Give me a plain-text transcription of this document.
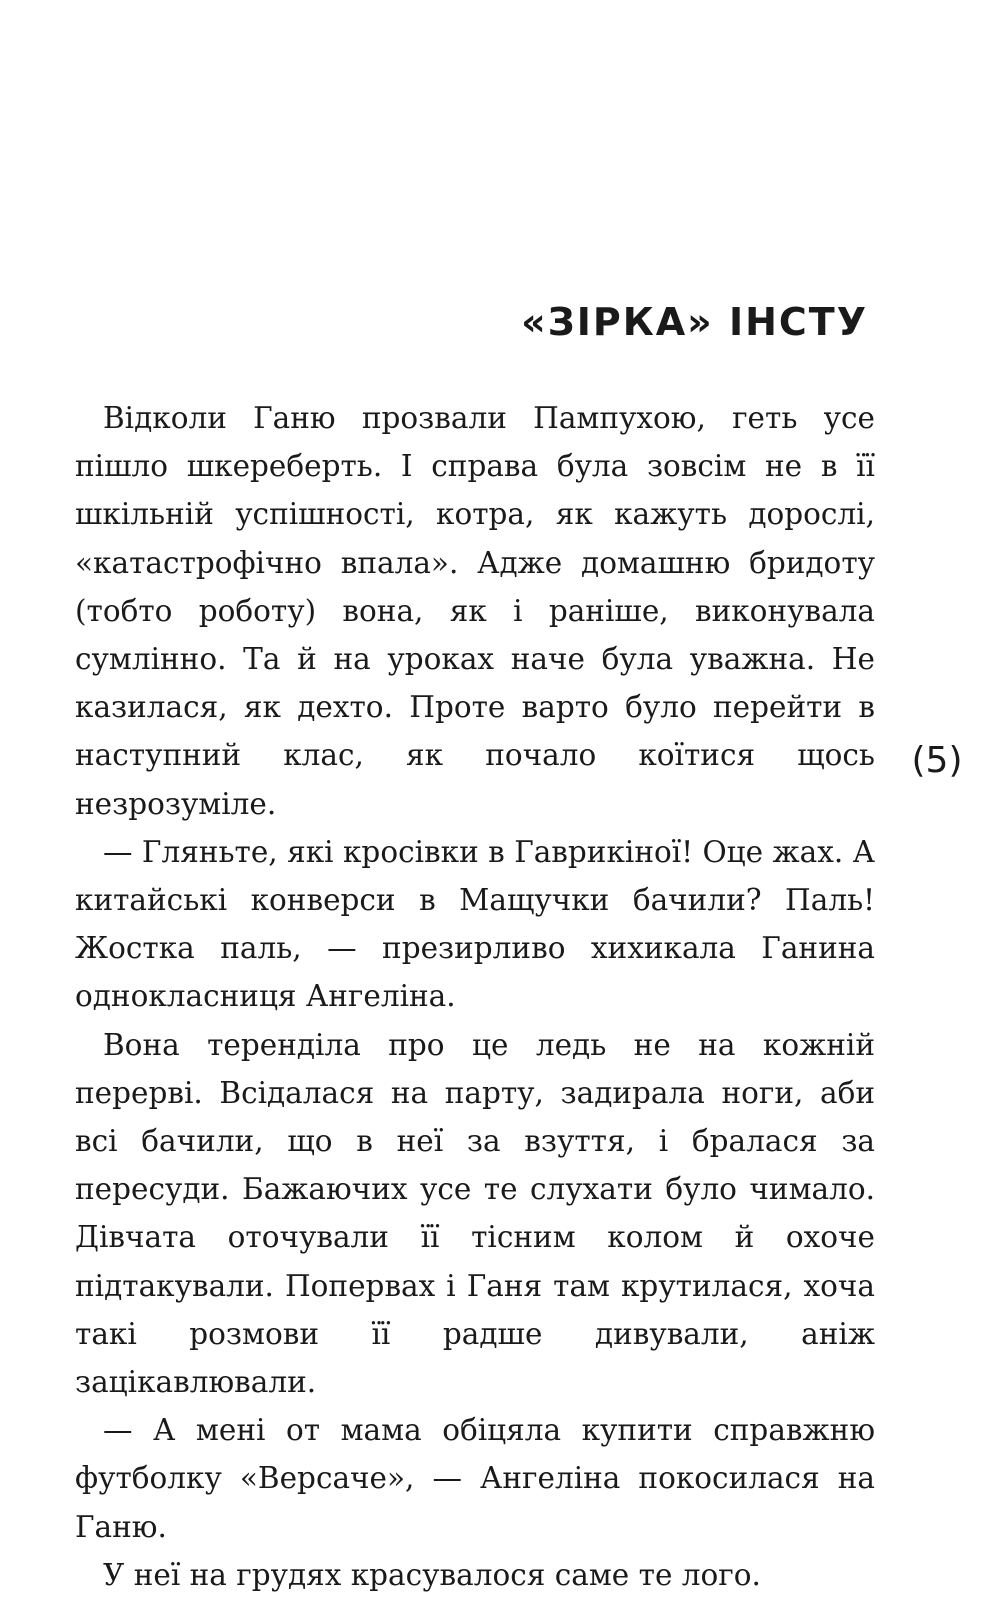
«ЗІРКА» ІНСТУ

Відколи Ганю прозвали Пампухою, геть усе пішло шкереберть. І справа була зовсім не в її шкільній успішності, котра, як кажуть дорослі, «катастрофічно впала». Адже домашню бридоту (тобто роботу) вона, як і раніше, виконувала сумлінно. Та й на уроках наче була уважна. Не казилася, як дехто. Проте варто було перейти в наступний клас, як почало коїтися щось незрозуміле.

— Гляньте, які кросівки в Гаврикіної! Оце жах. А китайські конверси в Мащучки бачили? Паль! Жостка паль, — презирливо хихикала Ганина однокласниця Ангеліна.

Вона теренділа про це ледь не на кожній перерві. Всідалася на парту, задирала ноги, аби всі бачили, що в неї за взуття, і бралася за пересуди. Бажаючих усе те слухати було чимало. Дівчата оточували її тісним колом й охоче підтакували. Попервах і Ганя там крутилася, хоча такі розмови її радше дивували, аніж зацікавлювали.

— А мені от мама обіцяла купити справжню футболку «Версаче», — Ангеліна покосилася на Ганю.

У неї на грудях красувалося саме те лого.

(5)
